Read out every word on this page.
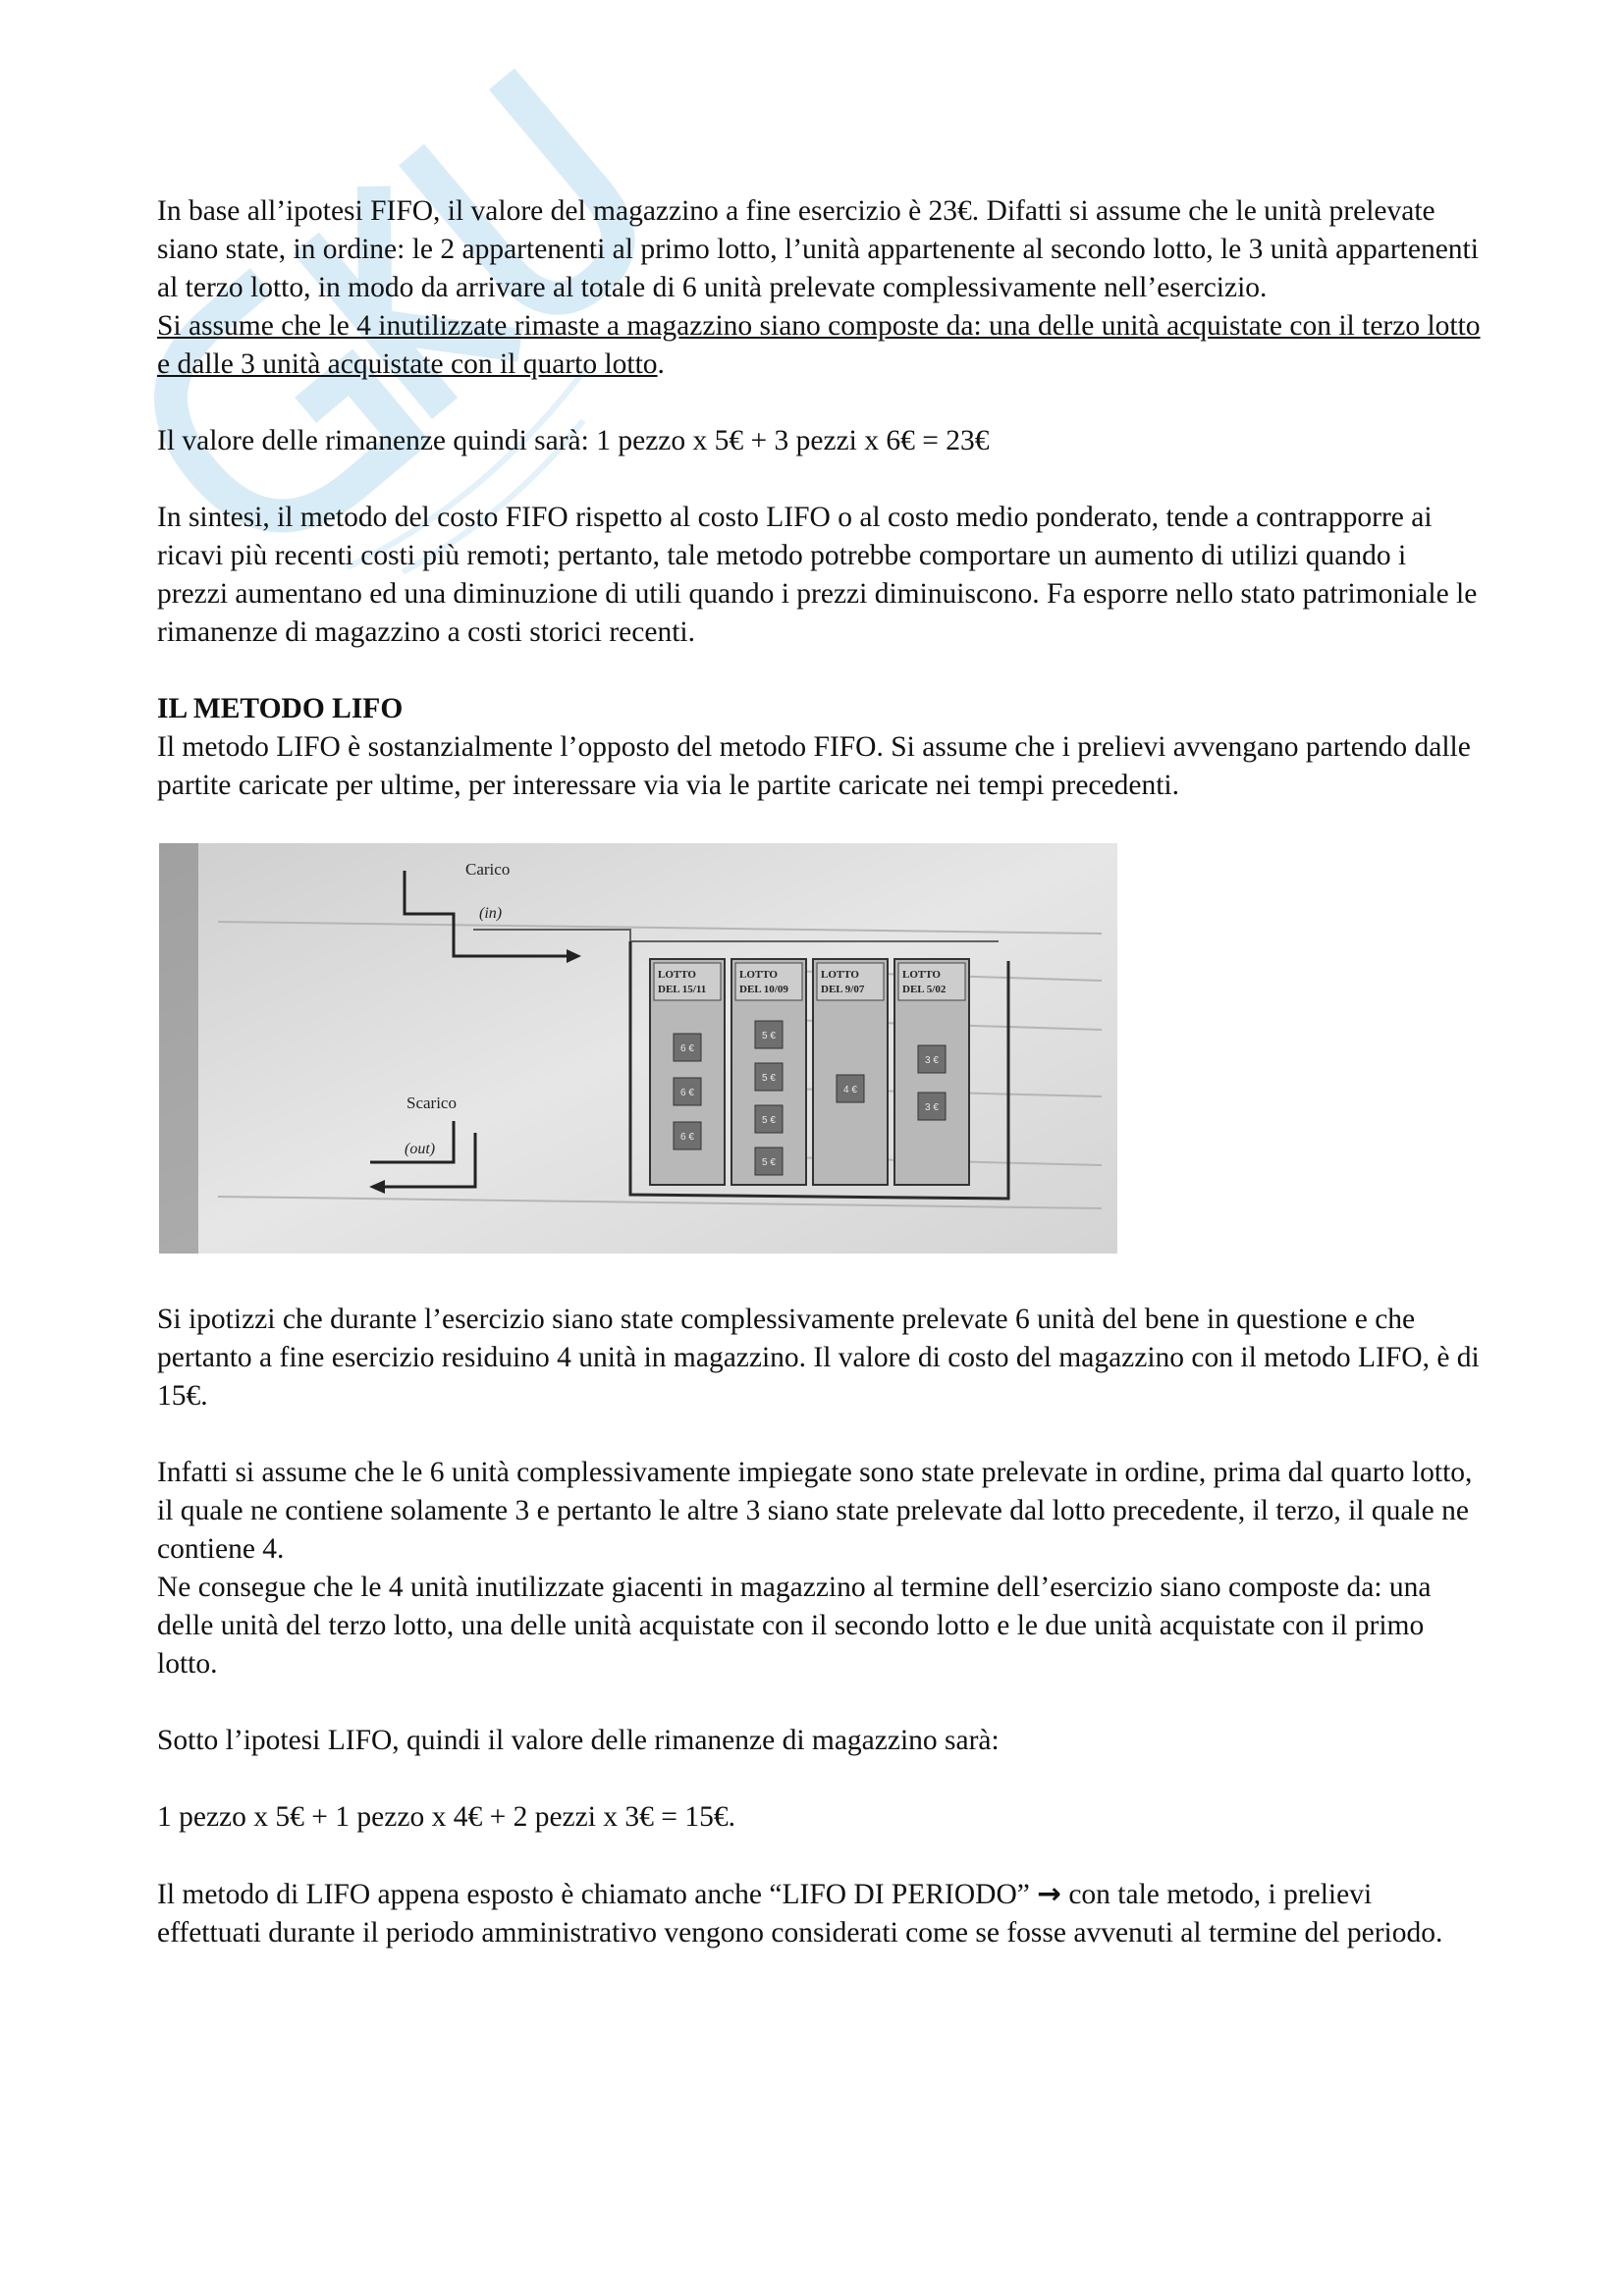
In base all’ipotesi FIFO, il valore del magazzino a fine esercizio è 23€. Difatti si assume che le unità prelevate siano state, in ordine: le 2 appartenenti al primo lotto, l’unità appartenente al secondo lotto, le 3 unità appartenenti al terzo lotto, in modo da arrivare al totale di 6 unità prelevate complessivamente nell’esercizio.

Si assume che le 4 inutilizzate rimaste a magazzino siano composte da: una delle unità acquistate con il terzo lotto e dalle 3 unità acquistate con il quarto lotto.

Il valore delle rimanenze quindi sarà: 1 pezzo x 5€ + 3 pezzi x 6€ = 23€

In sintesi, il metodo del costo FIFO rispetto al costo LIFO o al costo medio ponderato, tende a contrapporre ai ricavi più recenti costi più remoti; pertanto, tale metodo potrebbe comportare un aumento di utilizi quando i prezzi aumentano ed una diminuzione di utili quando i prezzi diminuiscono. Fa esporre nello stato patrimoniale le rimanenze di magazzino a costi storici recenti.

IL METODO LIFO

Il metodo LIFO è sostanzialmente l’opposto del metodo FIFO. Si assume che i prelievi avvengano partendo dalle partite caricate per ultime, per interessare via via le partite caricate nei tempi precedenti.

Carico
(in)
Scarico
(out)
LOTTO
DEL 15/11
6 €
6 €
6 €
LOTTO
DEL 10/09
5 €
5 €
5 €
5 €
LOTTO
DEL 9/07
4 €
LOTTO
DEL 5/02
3 €
3 €

Si ipotizzi che durante l’esercizio siano state complessivamente prelevate 6 unità del bene in questione e che pertanto a fine esercizio residuino 4 unità in magazzino. Il valore di costo del magazzino con il metodo LIFO, è di 15€.

Infatti si assume che le 6 unità complessivamente impiegate sono state prelevate in ordine, prima dal quarto lotto, il quale ne contiene solamente 3 e pertanto le altre 3 siano state prelevate dal lotto precedente, il terzo, il quale ne contiene 4.

Ne consegue che le 4 unità inutilizzate giacenti in magazzino al termine dell’esercizio siano composte da: una delle unità del terzo lotto, una delle unità acquistate con il secondo lotto e le due unità acquistate con il primo lotto.

Sotto l’ipotesi LIFO, quindi il valore delle rimanenze di magazzino sarà:

1 pezzo x 5€ + 1 pezzo x 4€ + 2 pezzi x 3€ = 15€.

Il metodo di LIFO appena esposto è chiamato anche “LIFO DI PERIODO” → con tale metodo, i prelievi effettuati durante il periodo amministrativo vengono considerati come se fosse avvenuti al termine del periodo.
